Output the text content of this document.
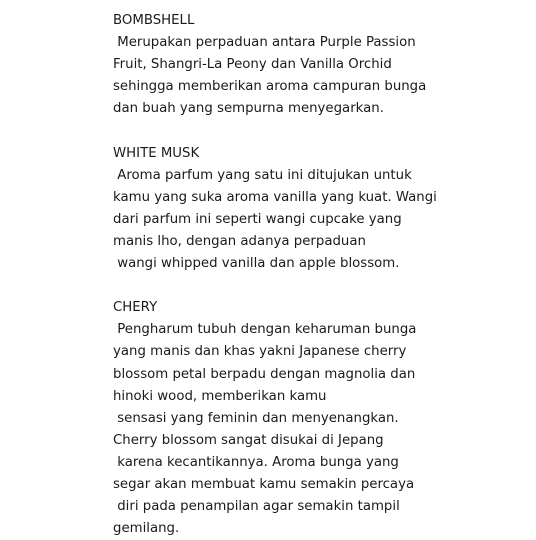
BOMBSHELL
Merupakan perpaduan antara Purple Passion
Fruit, Shangri-La Peony dan Vanilla Orchid
sehingga memberikan aroma campuran bunga
dan buah yang sempurna menyegarkan.
WHITE MUSK
Aroma parfum yang satu ini ditujukan untuk
kamu yang suka aroma vanilla yang kuat. Wangi
dari parfum ini seperti wangi cupcake yang
manis lho, dengan adanya perpaduan
wangi whipped vanilla dan apple blossom.
CHERY
Pengharum tubuh dengan keharuman bunga
yang manis dan khas yakni Japanese cherry
blossom petal berpadu dengan magnolia dan
hinoki wood, memberikan kamu
sensasi yang feminin dan menyenangkan.
Cherry blossom sangat disukai di Jepang
karena kecantikannya. Aroma bunga yang
segar akan membuat kamu semakin percaya
diri pada penampilan agar semakin tampil
gemilang.
